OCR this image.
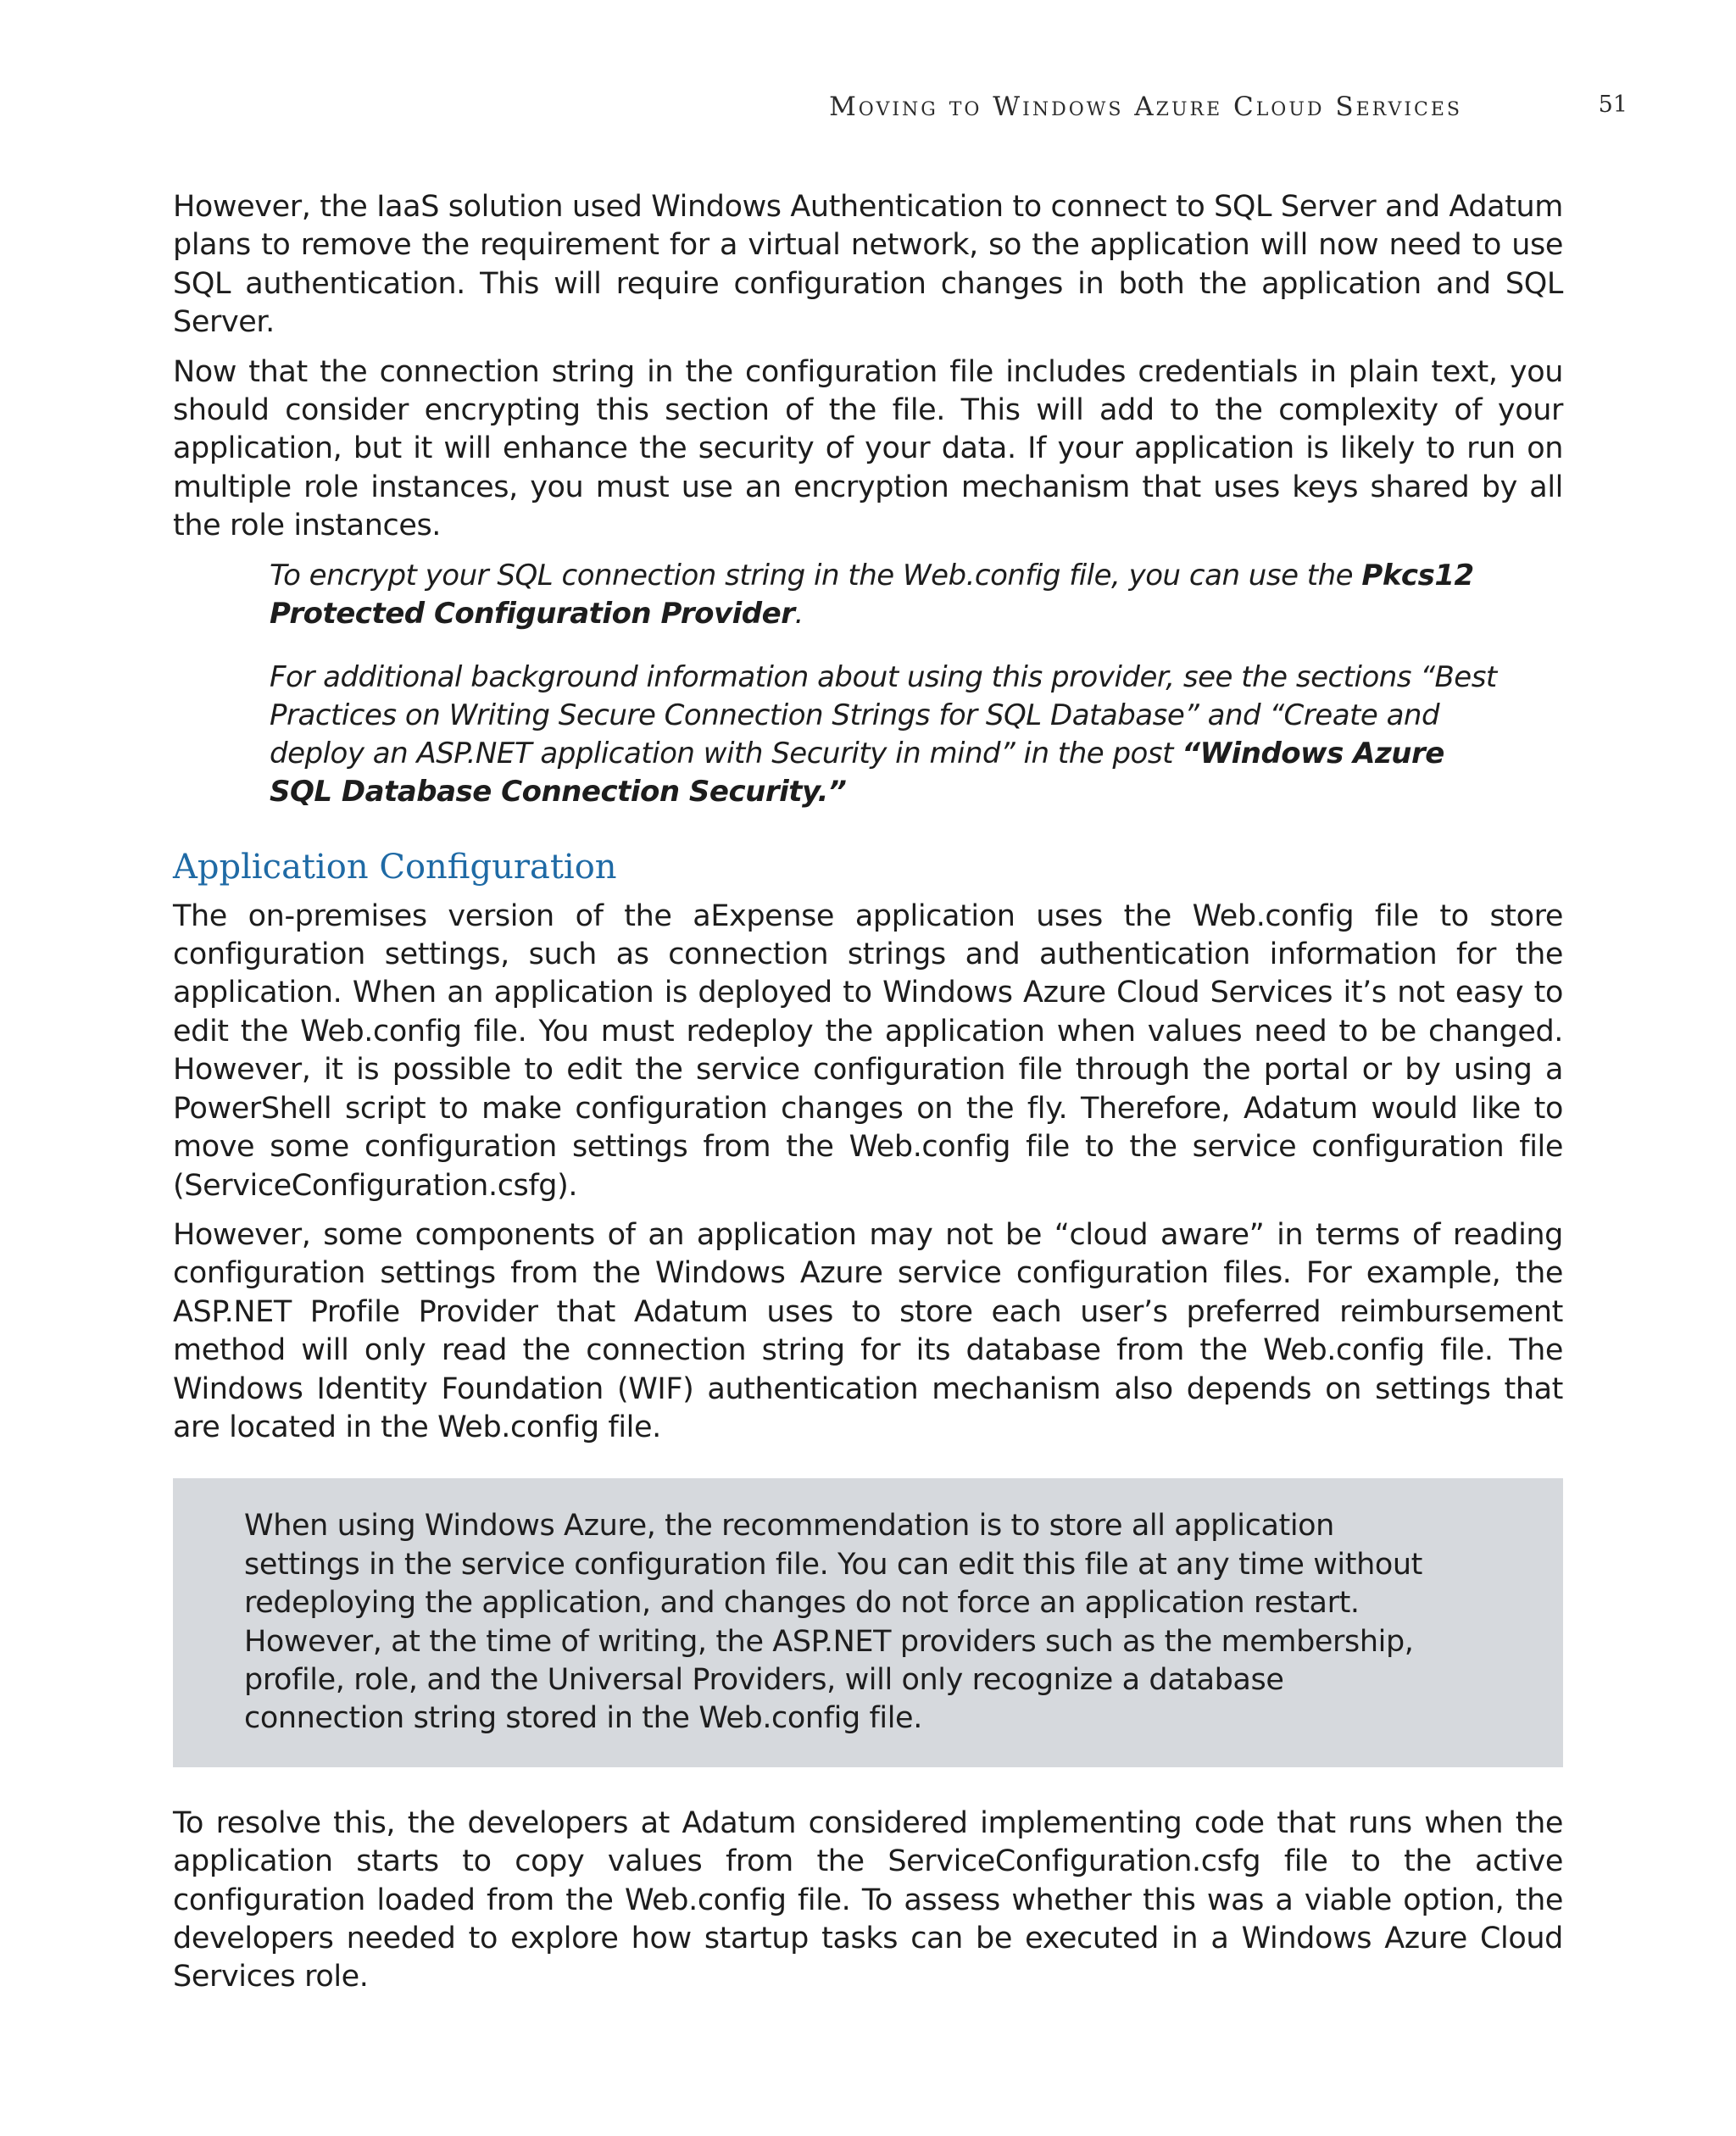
Moving to Windows Azure Cloud Services	51

However, the IaaS solution used Windows Authentication to connect to SQL Server and Adatum plans to remove the requirement for a virtual network, so the application will now need to use SQL authentication. This will require configuration changes in both the application and SQL Server.

Now that the connection string in the configuration file includes credentials in plain text, you should consider encrypting this section of the file. This will add to the complexity of your application, but it will enhance the security of your data. If your application is likely to run on multiple role instances, you must use an encryption mechanism that uses keys shared by all the role instances.

To encrypt your SQL connection string in the Web.config file, you can use the Pkcs12 Protected Configuration Provider.

For additional background information about using this provider, see the sections “Best Practices on Writing Secure Connection Strings for SQL Database” and “Create and deploy an ASP.NET application with Security in mind” in the post “Windows Azure SQL Database Connection Security.”

Application Configuration

The on-premises version of the aExpense application uses the Web.config file to store configuration settings, such as connection strings and authentication information for the application. When an application is deployed to Windows Azure Cloud Services it’s not easy to edit the Web.config file. You must redeploy the application when values need to be changed. However, it is possible to edit the service configuration file through the portal or by using a PowerShell script to make configuration changes on the fly. Therefore, Adatum would like to move some configuration settings from the Web.config file to the service configuration file (ServiceConfiguration.csfg).

However, some components of an application may not be “cloud aware” in terms of reading configuration settings from the Windows Azure service configuration files. For example, the ASP.NET Profile Provider that Adatum uses to store each user’s preferred reimbursement method will only read the connection string for its database from the Web.config file. The Windows Identity Foundation (WIF) authentication mechanism also depends on settings that are located in the Web.config file.

When using Windows Azure, the recommendation is to store all application settings in the service configuration file. You can edit this file at any time without redeploying the application, and changes do not force an application restart. However, at the time of writing, the ASP.NET providers such as the membership, profile, role, and the Universal Providers, will only recognize a database connection string stored in the Web.config file.

To resolve this, the developers at Adatum considered implementing code that runs when the application starts to copy values from the ServiceConfiguration.csfg file to the active configuration loaded from the Web.config file. To assess whether this was a viable option, the developers needed to explore how startup tasks can be executed in a Windows Azure Cloud Services role.
